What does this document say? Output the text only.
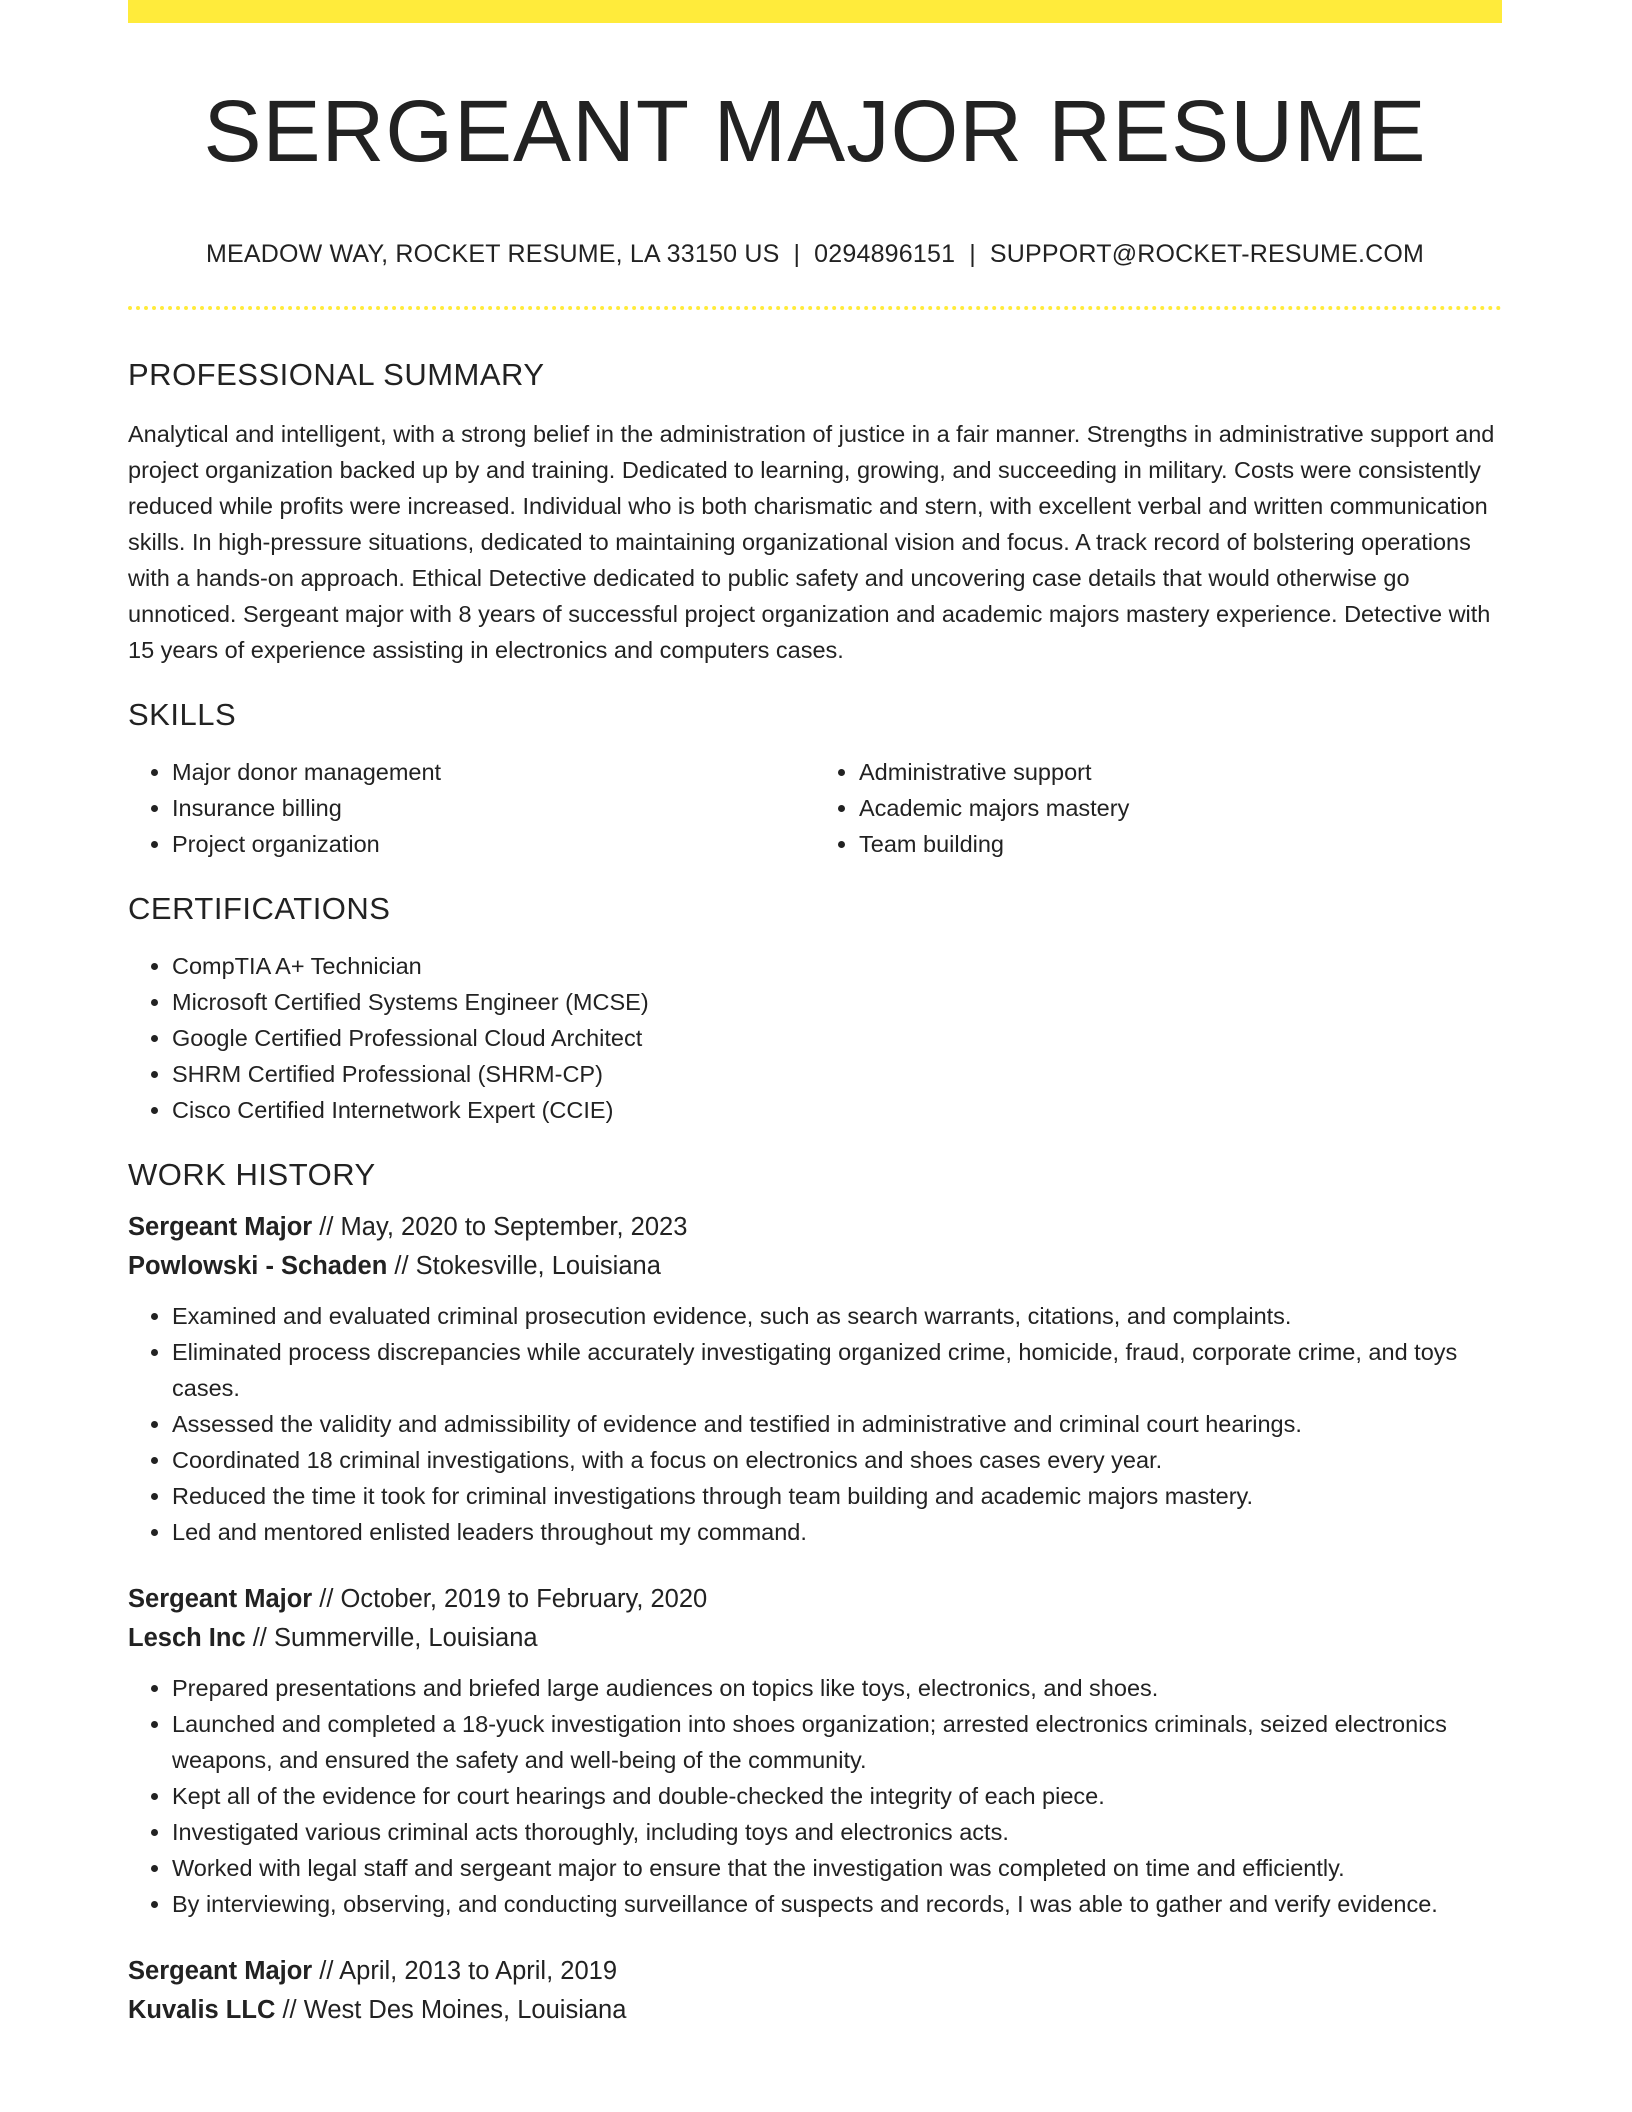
SERGEANT MAJOR RESUME
MEADOW WAY, ROCKET RESUME, LA 33150 US | 0294896151 | SUPPORT@ROCKET-RESUME.COM
PROFESSIONAL SUMMARY

Analytical and intelligent, with a strong belief in the administration of justice in a fair manner. Strengths in administrative support and project organization backed up by and training. Dedicated to learning, growing, and succeeding in military. Costs were consistently reduced while profits were increased. Individual who is both charismatic and stern, with excellent verbal and written communication skills. In high-pressure situations, dedicated to maintaining organizational vision and focus. A track record of bolstering operations with a hands-on approach. Ethical Detective dedicated to public safety and uncovering case details that would otherwise go unnoticed. Sergeant major with 8 years of successful project organization and academic majors mastery experience. Detective with 15 years of experience assisting in electronics and computers cases.

SKILLS
• Major donor management
• Insurance billing
• Project organization
• Administrative support
• Academic majors mastery
• Team building
CERTIFICATIONS
• CompTIA A+ Technician
• Microsoft Certified Systems Engineer (MCSE)
• Google Certified Professional Cloud Architect
• SHRM Certified Professional (SHRM-CP)
• Cisco Certified Internetwork Expert (CCIE)
WORK HISTORY
Sergeant Major // May, 2020 to September, 2023
Powlowski - Schaden // Stokesville, Louisiana
• Examined and evaluated criminal prosecution evidence, such as search warrants, citations, and complaints.
• Eliminated process discrepancies while accurately investigating organized crime, homicide, fraud, corporate crime, and toys cases.
• Assessed the validity and admissibility of evidence and testified in administrative and criminal court hearings.
• Coordinated 18 criminal investigations, with a focus on electronics and shoes cases every year.
• Reduced the time it took for criminal investigations through team building and academic majors mastery.
• Led and mentored enlisted leaders throughout my command.
Sergeant Major // October, 2019 to February, 2020
Lesch Inc // Summerville, Louisiana
• Prepared presentations and briefed large audiences on topics like toys, electronics, and shoes.
• Launched and completed a 18-yuck investigation into shoes organization; arrested electronics criminals, seized electronics weapons, and ensured the safety and well-being of the community.
• Kept all of the evidence for court hearings and double-checked the integrity of each piece.
• Investigated various criminal acts thoroughly, including toys and electronics acts.
• Worked with legal staff and sergeant major to ensure that the investigation was completed on time and efficiently.
• By interviewing, observing, and conducting surveillance of suspects and records, I was able to gather and verify evidence.
Sergeant Major // April, 2013 to April, 2019
Kuvalis LLC // West Des Moines, Louisiana
